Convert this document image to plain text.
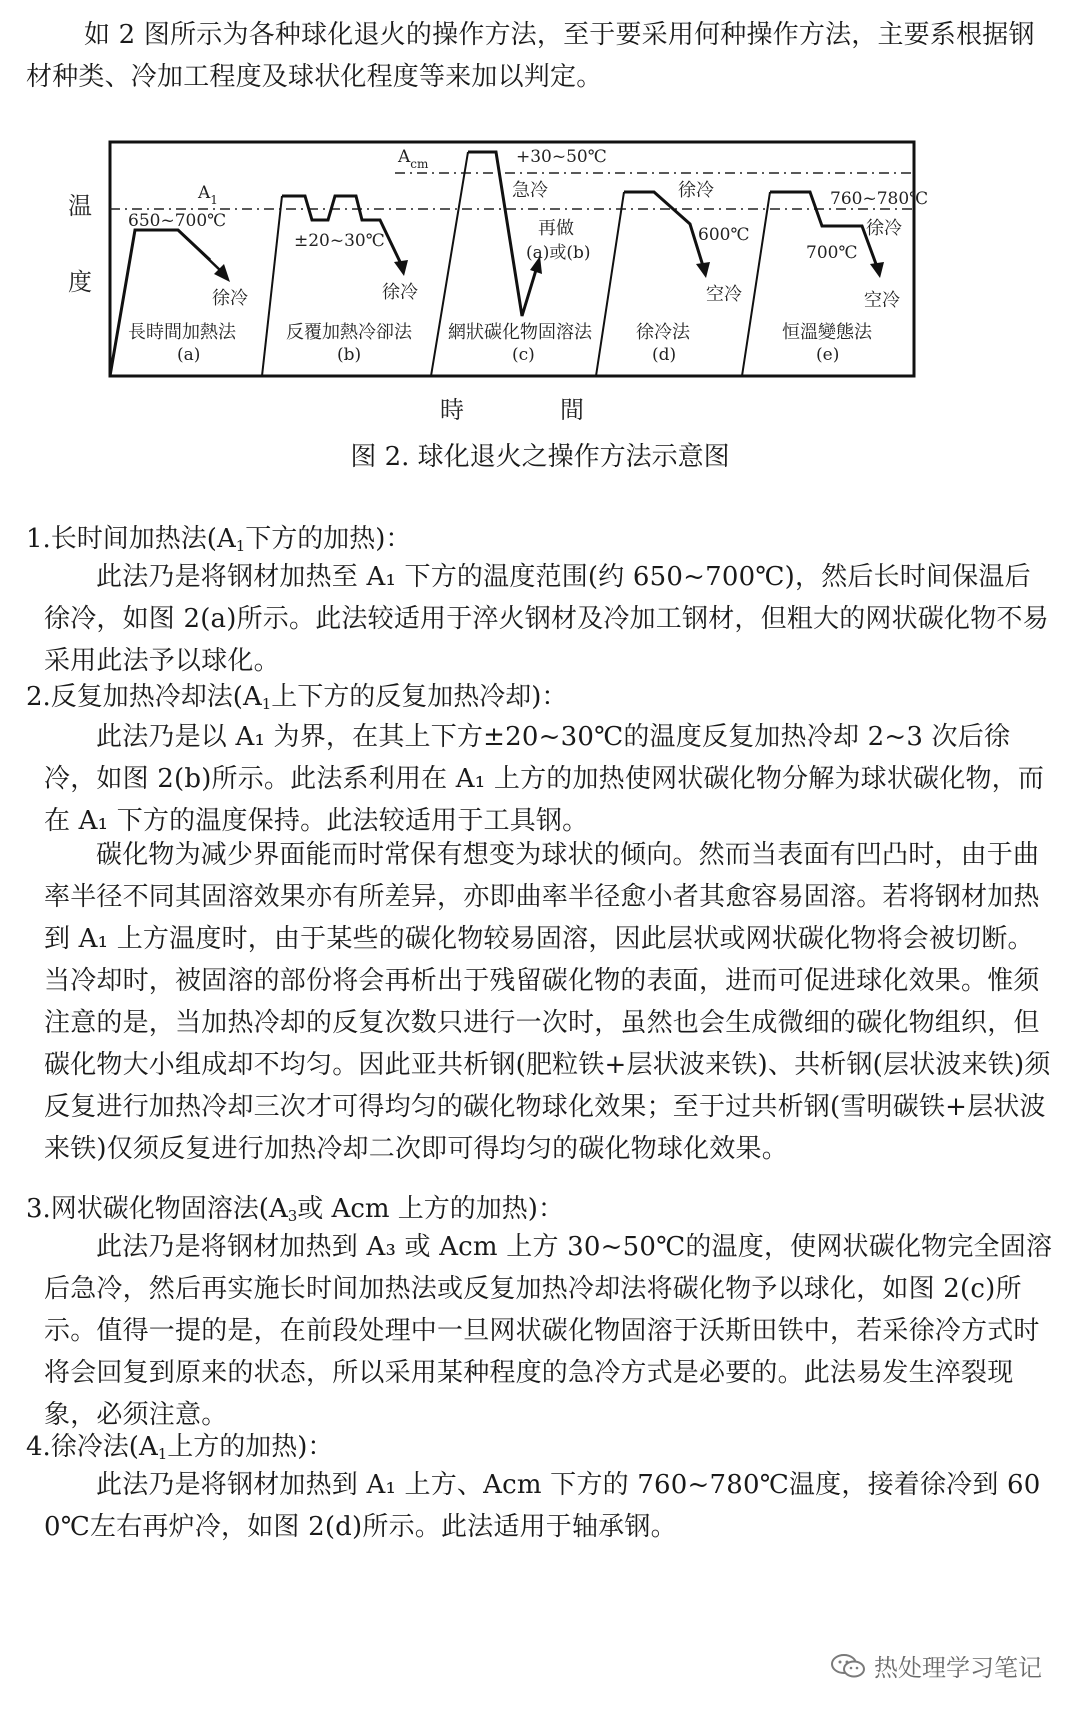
如 2 图所示为各种球化退火的操作方法，至于要采用何种操作方法，主要系根据钢材种类、冷加工程度及球状化程度等来加以判定。

$A_{cm}$
$A_1$
温
度
時	間
650~700℃
徐冷
長時間加熱法
(a)
±20~30℃
徐冷
反覆加熱冷卻法
(b)
+30~50℃
急冷
再做
(a)或(b)
網狀碳化物固溶法
(c)
徐冷
600℃
空冷
徐冷法
(d)
760~780℃
徐冷
700℃
空冷
恒溫變態法
(e)
图 2. 球化退火之操作方法示意图

1.长时间加热法($A_1$下方的加热)：

此法乃是将钢材加热至 A₁ 下方的温度范围(约 650~700℃)，然后长时间保温后徐冷，如图 2(a)所示。此法较适用于淬火钢材及冷加工钢材，但粗大的网状碳化物不易采用此法予以球化。

2.反复加热冷却法($A_1$上下方的反复加热冷却)：

此法乃是以 A₁ 为界，在其上下方±20~30℃的温度反复加热冷却 2~3 次后徐冷，如图 2(b)所示。此法系利用在 A₁ 上方的加热使网状碳化物分解为球状碳化物，而在 A₁ 下方的温度保持。此法较适用于工具钢。

碳化物为减少界面能而时常保有想变为球状的倾向。然而当表面有凹凸时，由于曲率半径不同其固溶效果亦有所差异，亦即曲率半径愈小者其愈容易固溶。若将钢材加热到 A₁ 上方温度时，由于某些的碳化物较易固溶，因此层状或网状碳化物将会被切断。当冷却时，被固溶的部份将会再析出于残留碳化物的表面，进而可促进球化效果。惟须注意的是，当加热冷却的反复次数只进行一次时，虽然也会生成微细的碳化物组织，但碳化物大小组成却不均匀。因此亚共析钢(肥粒铁+层状波来铁)、共析钢(层状波来铁)须反复进行加热冷却三次才可得均匀的碳化物球化效果；至于过共析钢(雪明碳铁+层状波来铁)仅须反复进行加热冷却二次即可得均匀的碳化物球化效果。

3.网状碳化物固溶法($A_3$或 Acm 上方的加热)：

此法乃是将钢材加热到 A₃ 或 Acm 上方 30~50℃的温度，使网状碳化物完全固溶后急冷，然后再实施长时间加热法或反复加热冷却法将碳化物予以球化，如图 2(c)所示。值得一提的是，在前段处理中一旦网状碳化物固溶于沃斯田铁中，若采徐冷方式时将会回复到原来的状态，所以采用某种程度的急冷方式是必要的。此法易发生淬裂现象，必须注意。

4.徐冷法($A_1$上方的加热)：

此法乃是将钢材加热到 A₁ 上方、Acm 下方的 760~780℃温度，接着徐冷到 600℃左右再炉冷，如图 2(d)所示。此法适用于轴承钢。

热处理学习笔记
